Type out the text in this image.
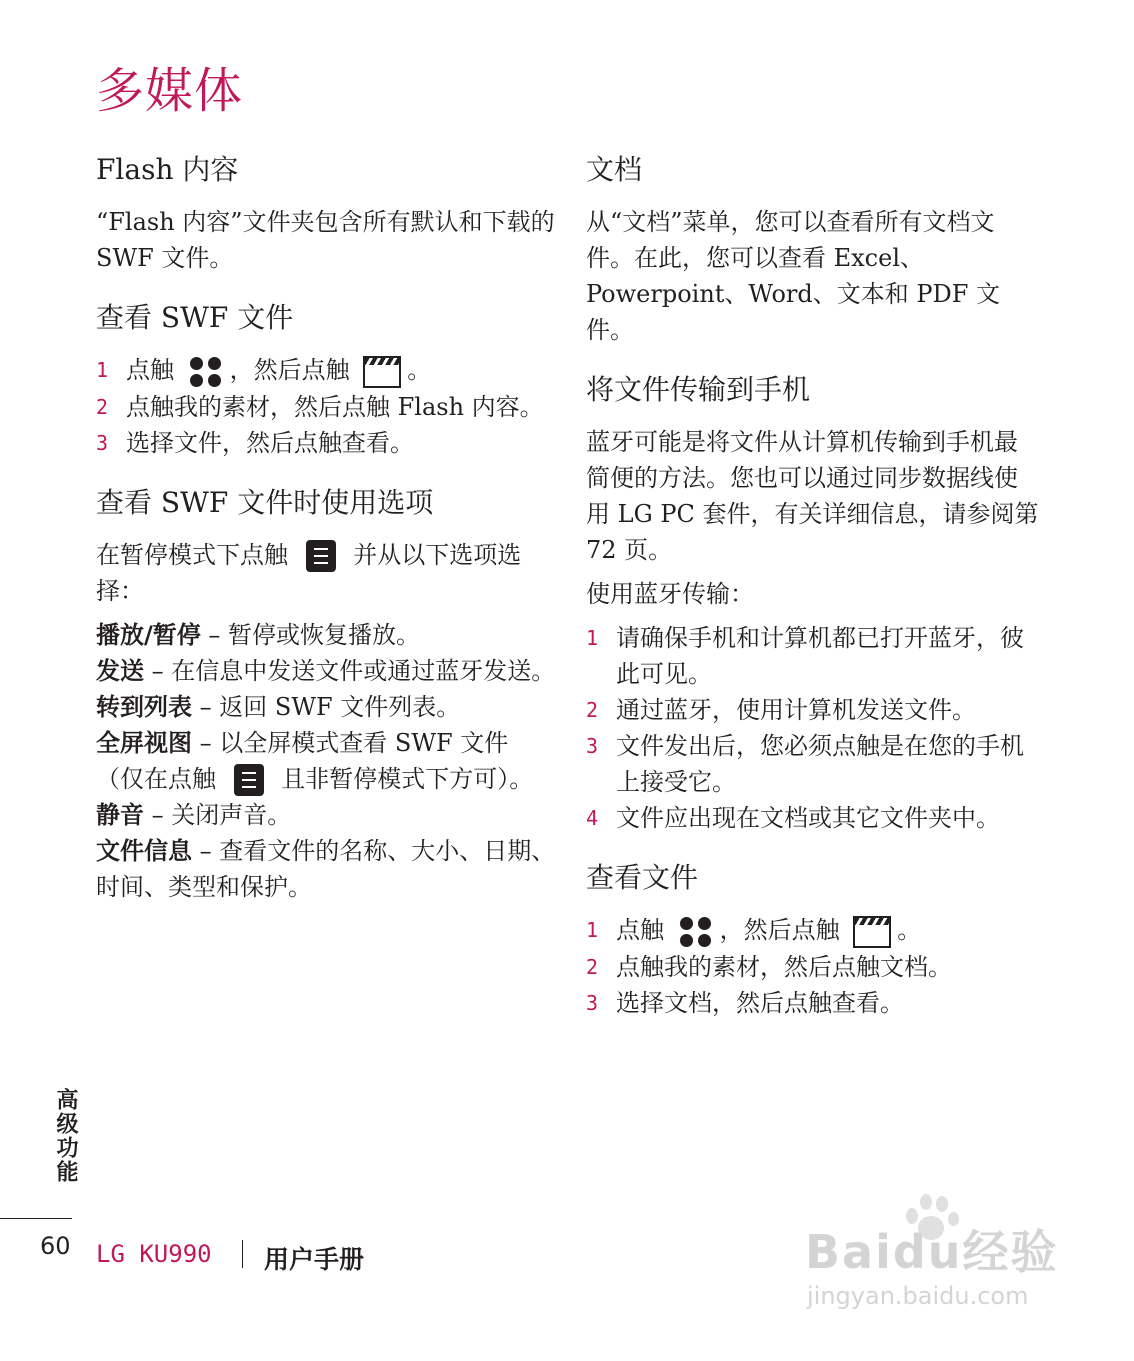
多媒体
Flash 内容

“Flash 内容”文件夹包含所有默认和下载的 SWF 文件。

查看 SWF 文件
1 点触
，然后点触 。
2 点触我的素材，然后点触 Flash 内容。
3 选择文件，然后点触查看。
查看 SWF 文件时使用选项

在暂停模式下点触  并从以下选项选择：

播放/暂停 – 暂停或恢复播放。

发送 – 在信息中发送文件或通过蓝牙发送。

转到列表 – 返回 SWF 文件列表。

全屏视图 – 以全屏模式查看 SWF 文件（仅在点触  且非暂停模式下方可）。

静音 – 关闭声音。

文件信息 – 查看文件的名称、大小、日期、时间、类型和保护。

文档

从“文档”菜单，您可以查看所有文档文件。在此，您可以查看 Excel、Powerpoint、Word、文本和 PDF 文件。

将文件传输到手机

蓝牙可能是将文件从计算机传输到手机最简便的方法。您也可以通过同步数据线使用 LG PC 套件，有关详细信息，请参阅第 72 页。

使用蓝牙传输：

1 请确保手机和计算机都已打开蓝牙，彼此可见。
2 通过蓝牙，使用计算机发送文件。
3 文件发出后，您必须点触是在您的手机上接受它。
4 文件应出现在文档或其它文件夹中。
查看文件
1 点触
，然后点触 。
2 点触我的素材，然后点触文档。
3 选择文档，然后点触查看。
高级功能
60 LG KU990 用户手册	Baidu经验
jingyan.baidu.com
